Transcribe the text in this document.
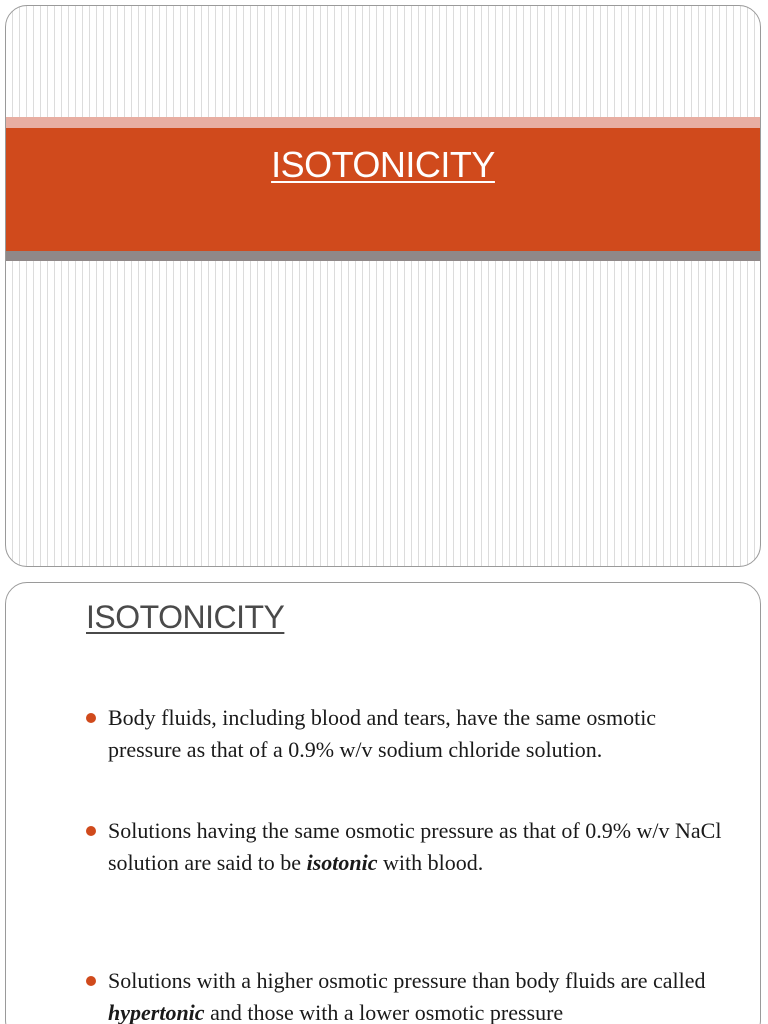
ISOTONICITY
ISOTONICITY
Body fluids, including blood and tears, have the same osmotic pressure as that of a 0.9% w/v sodium chloride solution.
Solutions having the same osmotic pressure as that of 0.9% w/v NaCl solution are said to be isotonic with blood.
Solutions with a higher osmotic pressure than body fluids are called hypertonic and those with a lower osmotic pressure
